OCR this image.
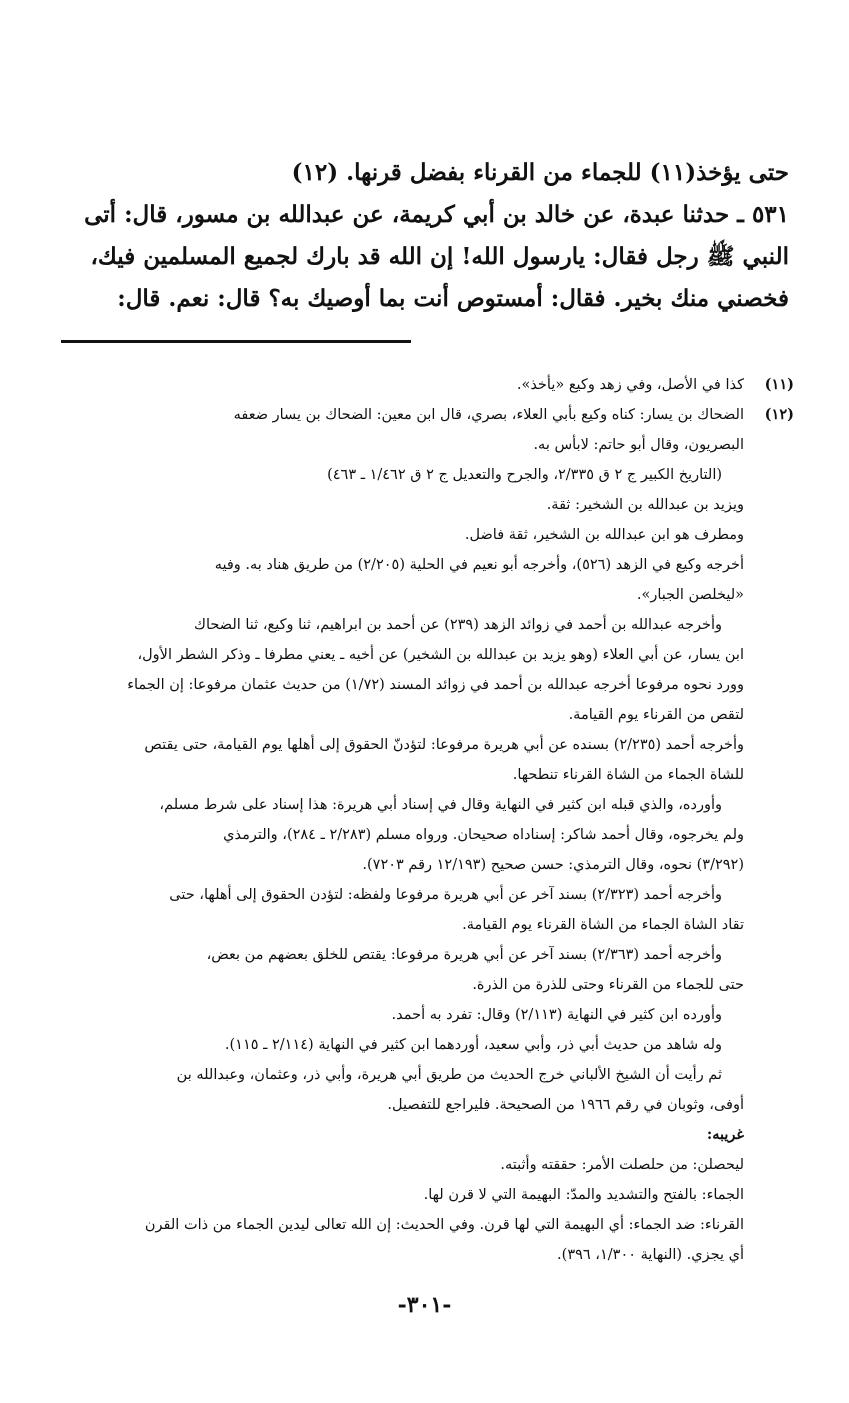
حتى يؤخذ(١١) للجماء من القرناء بفضل قرنها. (١٢)

٥٣١ ـ حدثنا عبدة، عن خالد بن أبي كريمة، عن عبدالله بن مسور، قال: أتى

النبي ﷺ رجل فقال: يارسول الله! إن الله قد بارك لجميع المسلمين فيك،

فخصني منك بخير. فقال: أمستوص أنت بما أوصيك به؟ قال: نعم. قال:

(١١)
كذا في الأصل، وفي زهد وكيع «يأخذ».
(١٢)
الضحاك بن يسار: كناه وكيع بأبي العلاء، بصري، قال ابن معين: الضحاك بن يسار ضعفه
البصريون، وقال أبو حاتم: لابأس به.
(التاريخ الكبير ج ٢ ق ٢/٣٣٥، والجرح والتعديل ج ٢ ق ١/٤٦٢ ـ ٤٦٣)
ويزيد بن عبدالله بن الشخير: ثقة.
ومطرف هو ابن عبدالله بن الشخير، ثقة فاضل.
أخرجه وكيع في الزهد (٥٢٦)، وأخرجه أبو نعيم في الحلية (٢/٢٠٥) من طريق هناد به. وفيه
«ليخلصن الجبار».
وأخرجه عبدالله بن أحمد في زوائد الزهد (٢٣٩) عن أحمد بن ابراهيم، ثنا وكيع، ثنا الضحاك
ابن يسار، عن أبي العلاء (وهو يزيد بن عبدالله بن الشخير) عن أخيه ـ يعني مطرفا ـ وذكر الشطر الأول،
وورد نحوه مرفوعا أخرجه عبدالله بن أحمد في زوائد المسند (١/٧٢) من حديث عثمان مرفوعا: إن الجماء
لتقص من القرناء يوم القيامة.
وأخرجه أحمد (٢/٢٣٥) بسنده عن أبي هريرة مرفوعا: لتؤدنّ الحقوق إلى أهلها يوم القيامة، حتى يقتص
للشاة الجماء من الشاة القرناء تنطحها.
وأورده، والذي قبله ابن كثير في النهاية وقال في إسناد أبي هريرة: هذا إسناد على شرط مسلم،
ولم يخرجوه، وقال أحمد شاكر: إسناداه صحيحان. ورواه مسلم (٢/٢٨٣ ـ ٢٨٤)، والترمذي
(٣/٢٩٢) نحوه، وقال الترمذي: حسن صحيح (١٢/١٩٣ رقم ٧٢٠٣).
وأخرجه أحمد (٢/٣٢٣) بسند آخر عن أبي هريرة مرفوعا ولفظه: لتؤدن الحقوق إلى أهلها، حتى
تقاد الشاة الجماء من الشاة القرناء يوم القيامة.
وأخرجه أحمد (٢/٣٦٣) بسند آخر عن أبي هريرة مرفوعا: يقتص للخلق بعضهم من بعض،
حتى للجماء من القرناء وحتى للذرة من الذرة.
وأورده ابن كثير في النهاية (٢/١١٣) وقال: تفرد به أحمد.
وله شاهد من حديث أبي ذر، وأبي سعيد، أوردهما ابن كثير في النهاية (٢/١١٤ ـ ١١٥).
ثم رأيت أن الشيخ الألباني خرج الحديث من طريق أبي هريرة، وأبي ذر، وعثمان، وعبدالله بن
أوفى، وثوبان في رقم ١٩٦٦ من الصحيحة. فليراجع للتفصيل.
غريبه:
ليحصلن: من حلصلت الأمر: حققته وأثبته.
الجماء: بالفتح والتشديد والمدّ: البهيمة التي لا قرن لها.
القرناء: ضد الجماء: أي البهيمة التي لها قرن. وفي الحديث: إن الله تعالى ليدين الجماء من ذات القرن
أي يجزي. (النهاية ١/٣٠٠، ٣٩٦).
-٣٠١-
